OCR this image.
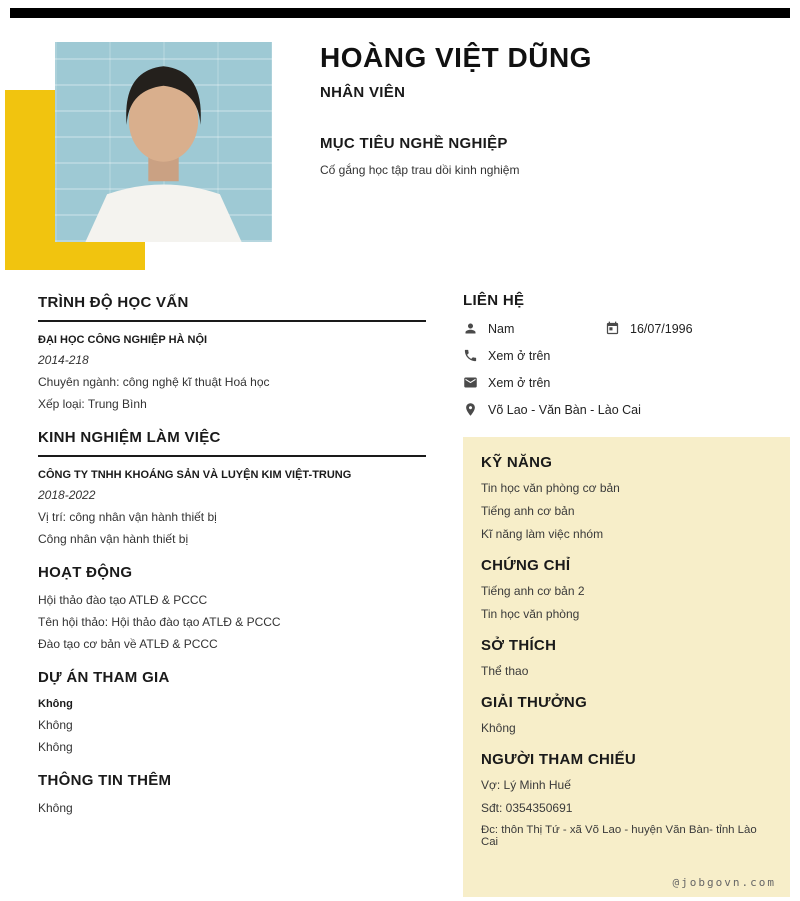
HOÀNG VIỆT DŨNG
NHÂN VIÊN
MỤC TIÊU NGHỀ NGHIỆP
Cố gắng học tập trau dồi kinh nghiệm
TRÌNH ĐỘ HỌC VẤN
ĐẠI HỌC CÔNG NGHIỆP HÀ NỘI
2014-218
Chuyên ngành: công nghệ kĩ thuật Hoá học
Xếp loại: Trung Bình
KINH NGHIỆM LÀM VIỆC
CÔNG TY TNHH KHOÁNG SẢN VÀ LUYỆN KIM VIỆT-TRUNG
2018-2022
Vị trí: công nhân vận hành thiết bị
Công nhân vận hành thiết bị
HOẠT ĐỘNG
Hội thảo đào tạo ATLĐ & PCCC
Tên hội thảo: Hội thảo đào tạo ATLĐ & PCCC
Đào tạo cơ bản về ATLĐ & PCCC
DỰ ÁN THAM GIA
Không
Không
Không
THÔNG TIN THÊM
Không
LIÊN HỆ
Nam	16/07/1996
Xem ở trên
Xem ở trên
Võ Lao - Văn Bàn - Lào Cai
KỸ NĂNG
Tin học văn phòng cơ bản
Tiếng anh cơ bản
Kĩ năng làm việc nhóm
CHỨNG CHỈ
Tiếng anh cơ bản 2
Tin học văn phòng
SỞ THÍCH
Thể thao
GIẢI THƯỞNG
Không
NGƯỜI THAM CHIẾU
Vợ: Lý Minh Huế
Sđt: 0354350691
Đc: thôn Thị Tứ - xã Võ Lao - huyện Văn Bàn- tỉnh Lào Cai
@jobgovn.com
